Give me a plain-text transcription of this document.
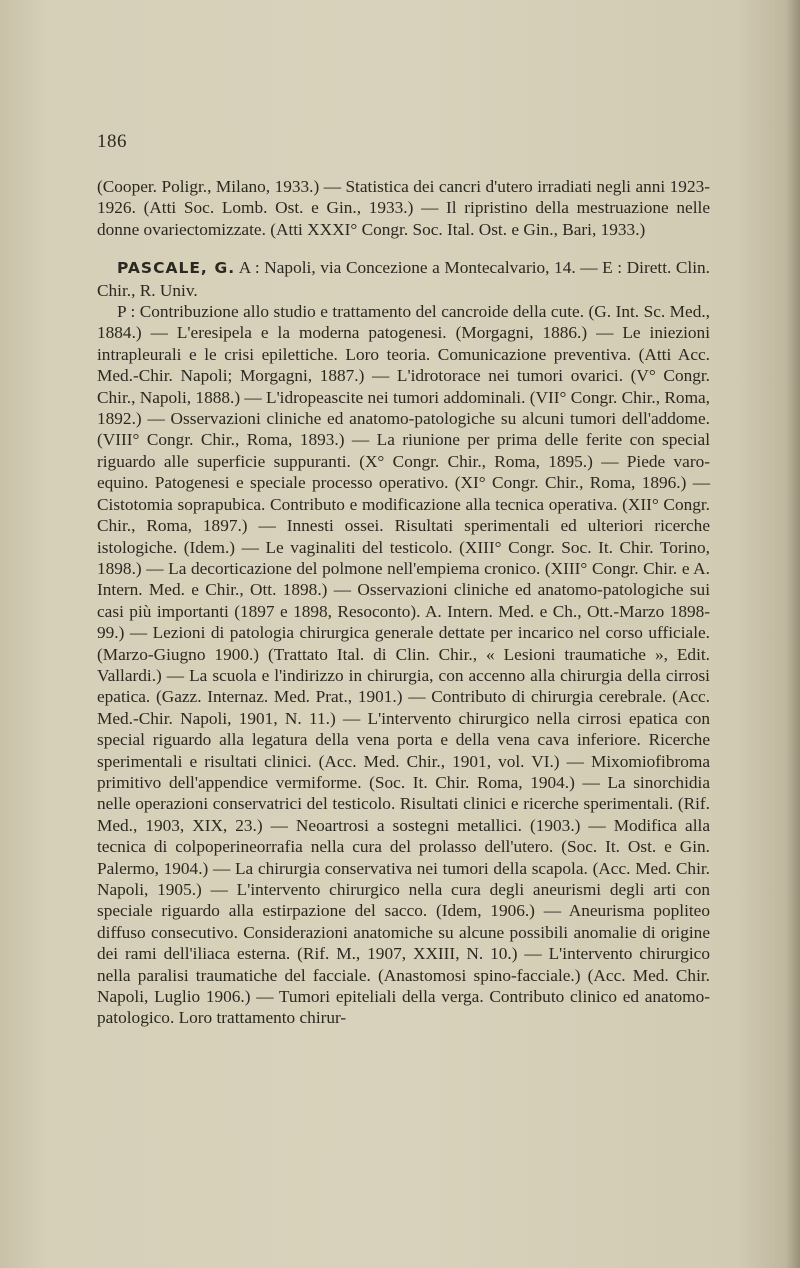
186

(Cooper. Poligr., Milano, 1933.) — Statistica dei cancri d'utero irradiati negli anni 1923-1926. (Atti Soc. Lomb. Ost. e Gin., 1933.) — Il ripristino della mestruazione nelle donne ovariectomizzate. (Atti XXXI° Congr. Soc. Ital. Ost. e Gin., Bari, 1933.)

PASCALE, G. A : Napoli, via Concezione a Montecalvario, 14. — E : Dirett. Clin. Chir., R. Univ.

P : Contribuzione allo studio e trattamento del cancroide della cute. (G. Int. Sc. Med., 1884.) — L'eresipela e la moderna patogenesi. (Morgagni, 1886.) — Le iniezioni intrapleurali e le crisi epilettiche. Loro teoria. Comunicazione preventiva. (Atti Acc. Med.-Chir. Napoli; Morgagni, 1887.) — L'idrotorace nei tumori ovarici. (V° Congr. Chir., Napoli, 1888.) — L'idropeascite nei tumori addominali. (VII° Congr. Chir., Roma, 1892.) — Osservazioni cliniche ed anatomo-patologiche su alcuni tumori dell'addome. (VIII° Congr. Chir., Roma, 1893.) — La riunione per prima delle ferite con special riguardo alle superficie suppuranti. (X° Congr. Chir., Roma, 1895.) — Piede varo-equino. Patogenesi e speciale processo operativo. (XI° Congr. Chir., Roma, 1896.) — Cistotomia soprapubica. Contributo e modificazione alla tecnica operativa. (XII° Congr. Chir., Roma, 1897.) — Innesti ossei. Risultati sperimentali ed ulteriori ricerche istologiche. (Idem.) — Le vaginaliti del testicolo. (XIII° Congr. Soc. It. Chir. Torino, 1898.) — La decorticazione del polmone nell'empiema cronico. (XIII° Congr. Chir. e A. Intern. Med. e Chir., Ott. 1898.) — Osservazioni cliniche ed anatomo-patologiche sui casi più importanti (1897 e 1898, Resoconto). A. Intern. Med. e Ch., Ott.-Marzo 1898-99.) — Lezioni di patologia chirurgica generale dettate per incarico nel corso ufficiale. (Marzo-Giugno 1900.) (Trattato Ital. di Clin. Chir., « Lesioni traumatiche », Edit. Vallardi.) — La scuola e l'indirizzo in chirurgia, con accenno alla chirurgia della cirrosi epatica. (Gazz. Internaz. Med. Prat., 1901.) — Contributo di chirurgia cerebrale. (Acc. Med.-Chir. Napoli, 1901, N. 11.) — L'intervento chirurgico nella cirrosi epatica con special riguardo alla legatura della vena porta e della vena cava inferiore. Ricerche sperimentali e risultati clinici. (Acc. Med. Chir., 1901, vol. VI.) — Mixomiofibroma primitivo dell'appendice vermiforme. (Soc. It. Chir. Roma, 1904.) — La sinorchidia nelle operazioni conservatrici del testicolo. Risultati clinici e ricerche sperimentali. (Rif. Med., 1903, XIX, 23.) — Neoartrosi a sostegni metallici. (1903.) — Modifica alla tecnica di colpoperineorrafia nella cura del prolasso dell'utero. (Soc. It. Ost. e Gin. Palermo, 1904.) — La chirurgia conservativa nei tumori della scapola. (Acc. Med. Chir. Napoli, 1905.) — L'intervento chirurgico nella cura degli aneurismi degli arti con speciale riguardo alla estirpazione del sacco. (Idem, 1906.) — Aneurisma popliteo diffuso consecutivo. Considerazioni anatomiche su alcune possibili anomalie di origine dei rami dell'iliaca esterna. (Rif. M., 1907, XXIII, N. 10.) — L'intervento chirurgico nella paralisi traumatiche del facciale. (Anastomosi spino-facciale.) (Acc. Med. Chir. Napoli, Luglio 1906.) — Tumori epiteliali della verga. Contributo clinico ed anatomo-patologico. Loro trattamento chirur-
